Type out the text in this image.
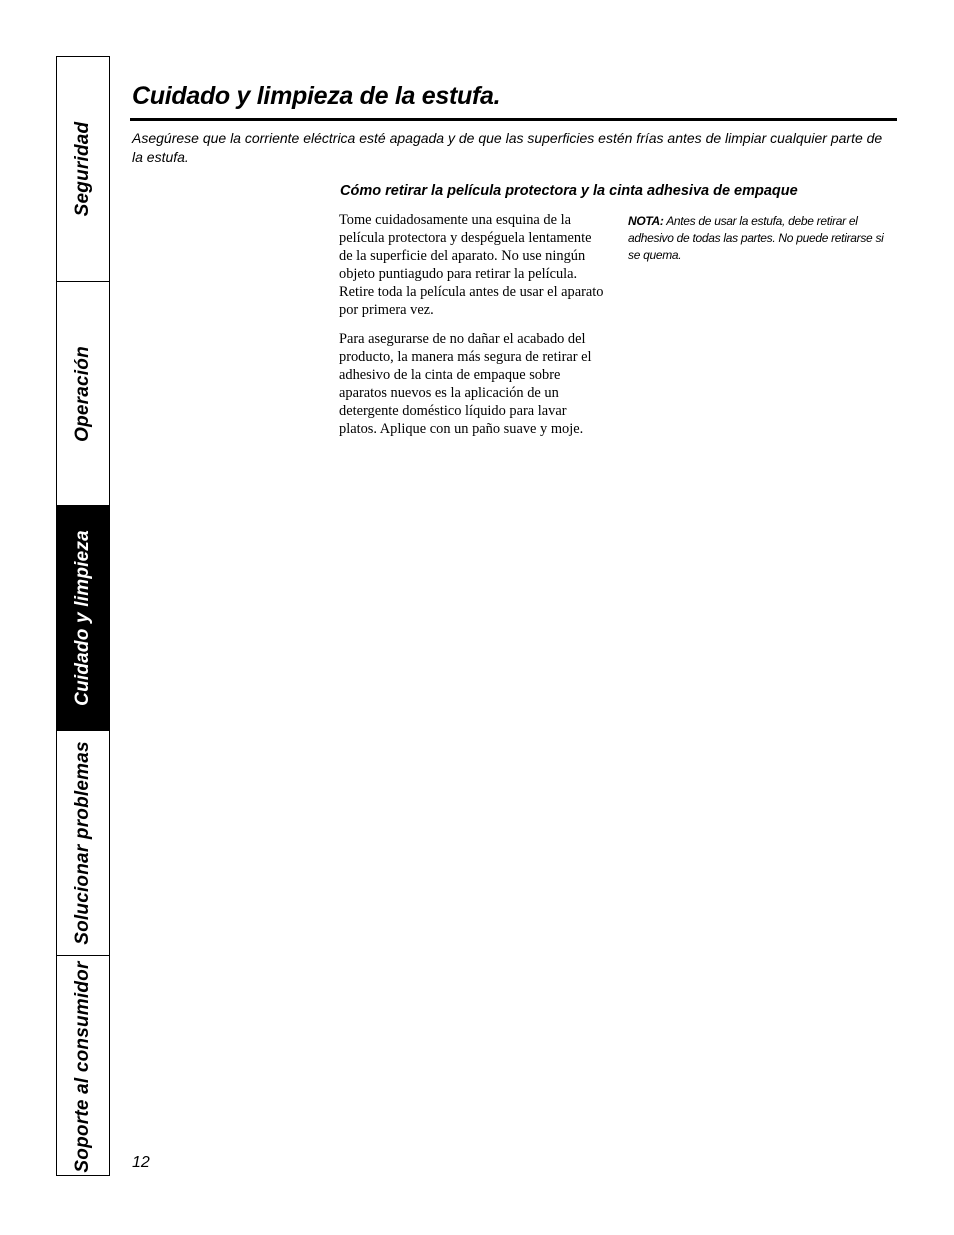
Seguridad
Operación
Cuidado y limpieza
Solucionar problemas
Soporte al consumidor
Cuidado y limpieza de la estufa.

Asegúrese que la corriente eléctrica esté apagada y de que las superficies estén frías antes de limpiar cualquier parte de la estufa.

Cómo retirar la película protectora y la cinta adhesiva de empaque

Tome cuidadosamente una esquina de la película protectora y despéguela lentamente de la superficie del aparato. No use ningún objeto puntiagudo para retirar la película. Retire toda la película antes de usar el aparato por primera vez.

Para asegurarse de no dañar el acabado del producto, la manera más segura de retirar el adhesivo de la cinta de empaque sobre aparatos nuevos es la aplicación de un detergente doméstico líquido para lavar platos. Aplique con un paño suave y moje.

NOTA: Antes de usar la estufa, debe retirar el adhesivo de todas las partes. No puede retirarse si se quema.

12
